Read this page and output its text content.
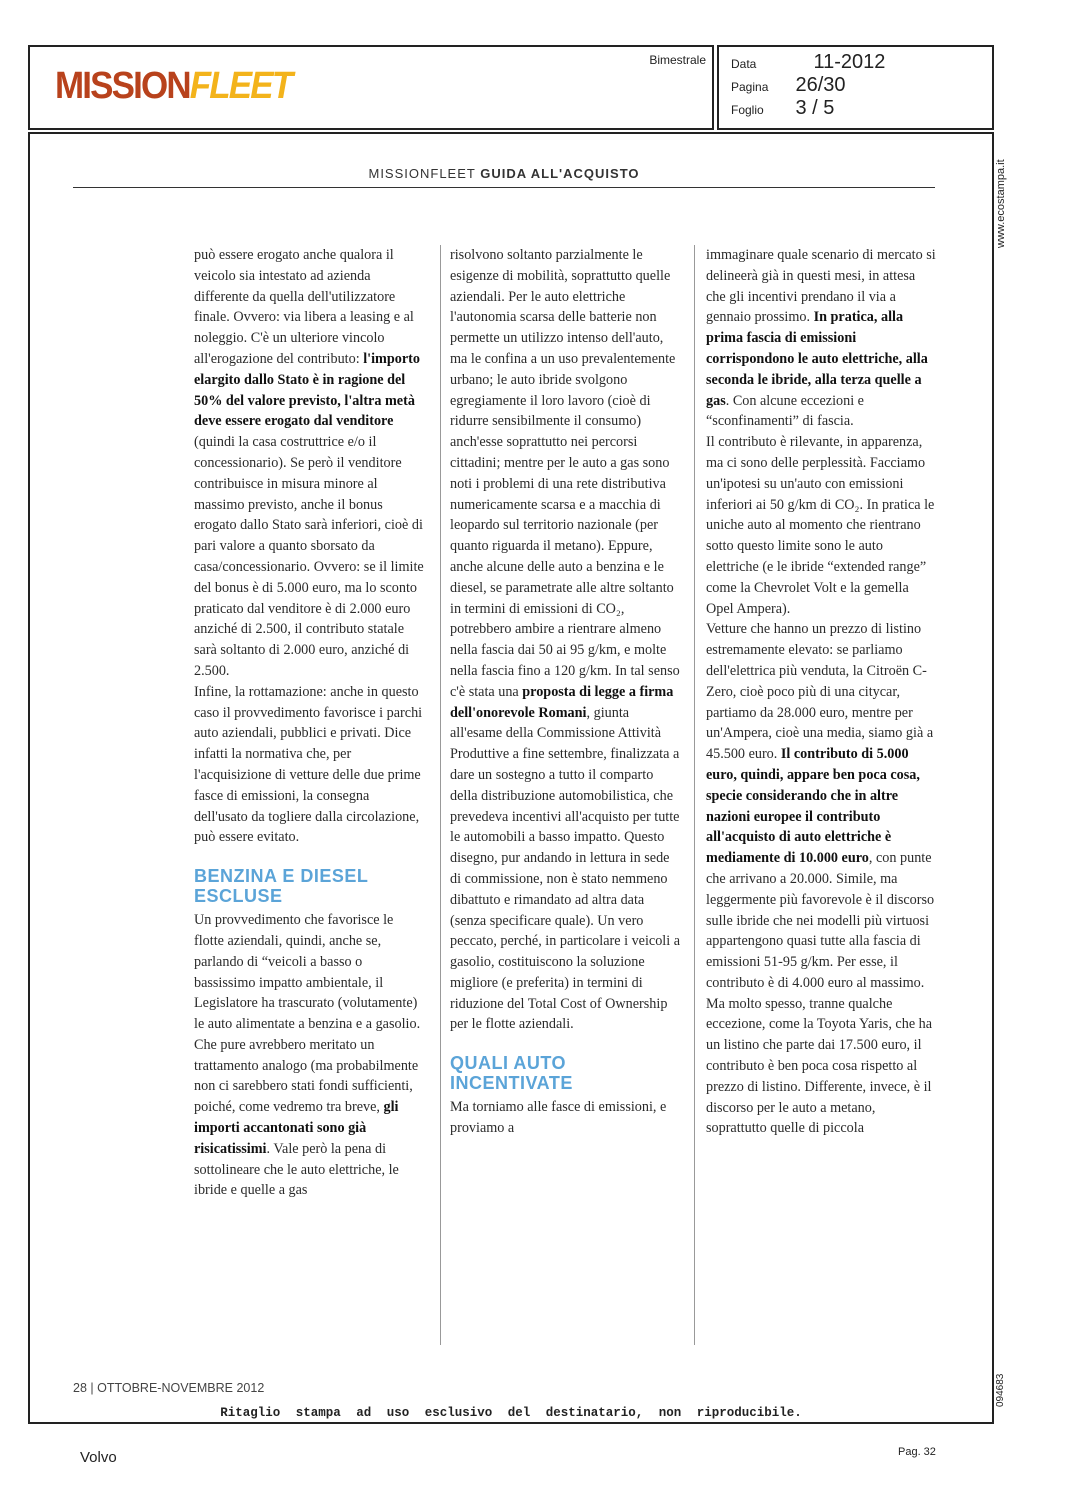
MISSIONFLEET
Bimestrale Data	11-2012
Pagina 26/30
Foglio 3 / 5
www.ecostampa.it
094683
MISSIONFLEET GUIDA ALL'ACQUISTO

può essere erogato anche qualora il veicolo sia intestato ad azienda differente da quella dell'utilizzatore finale. Ovvero: via libera a leasing e al noleggio. C'è un ulteriore vincolo all'erogazione del contributo: l'importo elargito dallo Stato è in ragione del 50% del valore previsto, l'altra metà deve essere erogato dal venditore (quindi la casa costruttrice e/o il concessionario). Se però il venditore contribuisce in misura minore al massimo previsto, anche il bonus erogato dallo Stato sarà inferiori, cioè di pari valore a quanto sborsato da casa/concessionario. Ovvero: se il limite del bonus è di 5.000 euro, ma lo sconto praticato dal venditore è di 2.000 euro anziché di 2.500, il contributo statale sarà soltanto di 2.000 euro, anziché di 2.500.

Infine, la rottamazione: anche in questo caso il provvedimento favorisce i parchi auto aziendali, pubblici e privati. Dice infatti la normativa che, per l'acquisizione di vetture delle due prime fasce di emissioni, la consegna dell'usato da togliere dalla circolazione, può essere evitato.

BENZINA E DIESEL ESCLUSE

Un provvedimento che favorisce le flotte aziendali, quindi, anche se, parlando di “veicoli a basso o bassissimo impatto ambientale, il Legislatore ha trascurato (volutamente) le auto alimentate a benzina e a gasolio. Che pure avrebbero meritato un trattamento analogo (ma probabilmente non ci sarebbero stati fondi sufficienti, poiché, come vedremo tra breve, gli importi accantonati sono già risicatissimi. Vale però la pena di sottolineare che le auto elettriche, le ibride e quelle a gas

risolvono soltanto parzialmente le esigenze di mobilità, soprattutto quelle aziendali. Per le auto elettriche l'autonomia scarsa delle batterie non permette un utilizzo intenso dell'auto, ma le confina a un uso prevalentemente urbano; le auto ibride svolgono egregiamente il loro lavoro (cioè di ridurre sensibilmente il consumo) anch'esse soprattutto nei percorsi cittadini; mentre per le auto a gas sono noti i problemi di una rete distributiva numericamente scarsa e a macchia di leopardo sul territorio nazionale (per quanto riguarda il metano). Eppure, anche alcune delle auto a benzina e le diesel, se parametrate alle altre soltanto in termini di emissioni di CO₂, potrebbero ambire a rientrare almeno nella fascia dai 50 ai 95 g/km, e molte nella fascia fino a 120 g/km. In tal senso c'è stata una proposta di legge a firma dell'onorevole Romani, giunta all'esame della Commissione Attività Produttive a fine settembre, finalizzata a dare un sostegno a tutto il comparto della distribuzione automobilistica, che prevedeva incentivi all'acquisto per tutte le automobili a basso impatto. Questo disegno, pur andando in lettura in sede di commissione, non è stato nemmeno dibattuto e rimandato ad altra data (senza specificare quale). Un vero peccato, perché, in particolare i veicoli a gasolio, costituiscono la soluzione migliore (e preferita) in termini di riduzione del Total Cost of Ownership per le flotte aziendali.

QUALI AUTO INCENTIVATE

Ma torniamo alle fasce di emissioni, e proviamo a

immaginare quale scenario di mercato si delineerà già in questi mesi, in attesa che gli incentivi prendano il via a gennaio prossimo. In pratica, alla prima fascia di emissioni corrispondono le auto elettriche, alla seconda le ibride, alla terza quelle a gas. Con alcune eccezioni e “sconfinamenti” di fascia.

Il contributo è rilevante, in apparenza, ma ci sono delle perplessità. Facciamo un'ipotesi su un'auto con emissioni inferiori ai 50 g/km di CO₂. In pratica le uniche auto al momento che rientrano sotto questo limite sono le auto elettriche (e le ibride “extended range” come la Chevrolet Volt e la gemella Opel Ampera).

Vetture che hanno un prezzo di listino estremamente elevato: se parliamo dell'elettrica più venduta, la Citroën C-Zero, cioè poco più di una citycar, partiamo da 28.000 euro, mentre per un'Ampera, cioè una media, siamo già a 45.500 euro. Il contributo di 5.000 euro, quindi, appare ben poca cosa, specie considerando che in altre nazioni europee il contributo all'acquisto di auto elettriche è mediamente di 10.000 euro, con punte che arrivano a 20.000. Simile, ma leggermente più favorevole è il discorso sulle ibride che nei modelli più virtuosi appartengono quasi tutte alla fascia di emissioni 51-95 g/km. Per esse, il contributo è di 4.000 euro al massimo. Ma molto spesso, tranne qualche eccezione, come la Toyota Yaris, che ha un listino che parte dai 17.500 euro, il contributo è ben poca cosa rispetto al prezzo di listino. Differente, invece, è il discorso per le auto a metano, soprattutto quelle di piccola

28 | OTTOBRE-NOVEMBRE 2012
Ritaglio stampa ad uso esclusivo del destinatario, non riproducibile.
Volvo	Pag. 32
